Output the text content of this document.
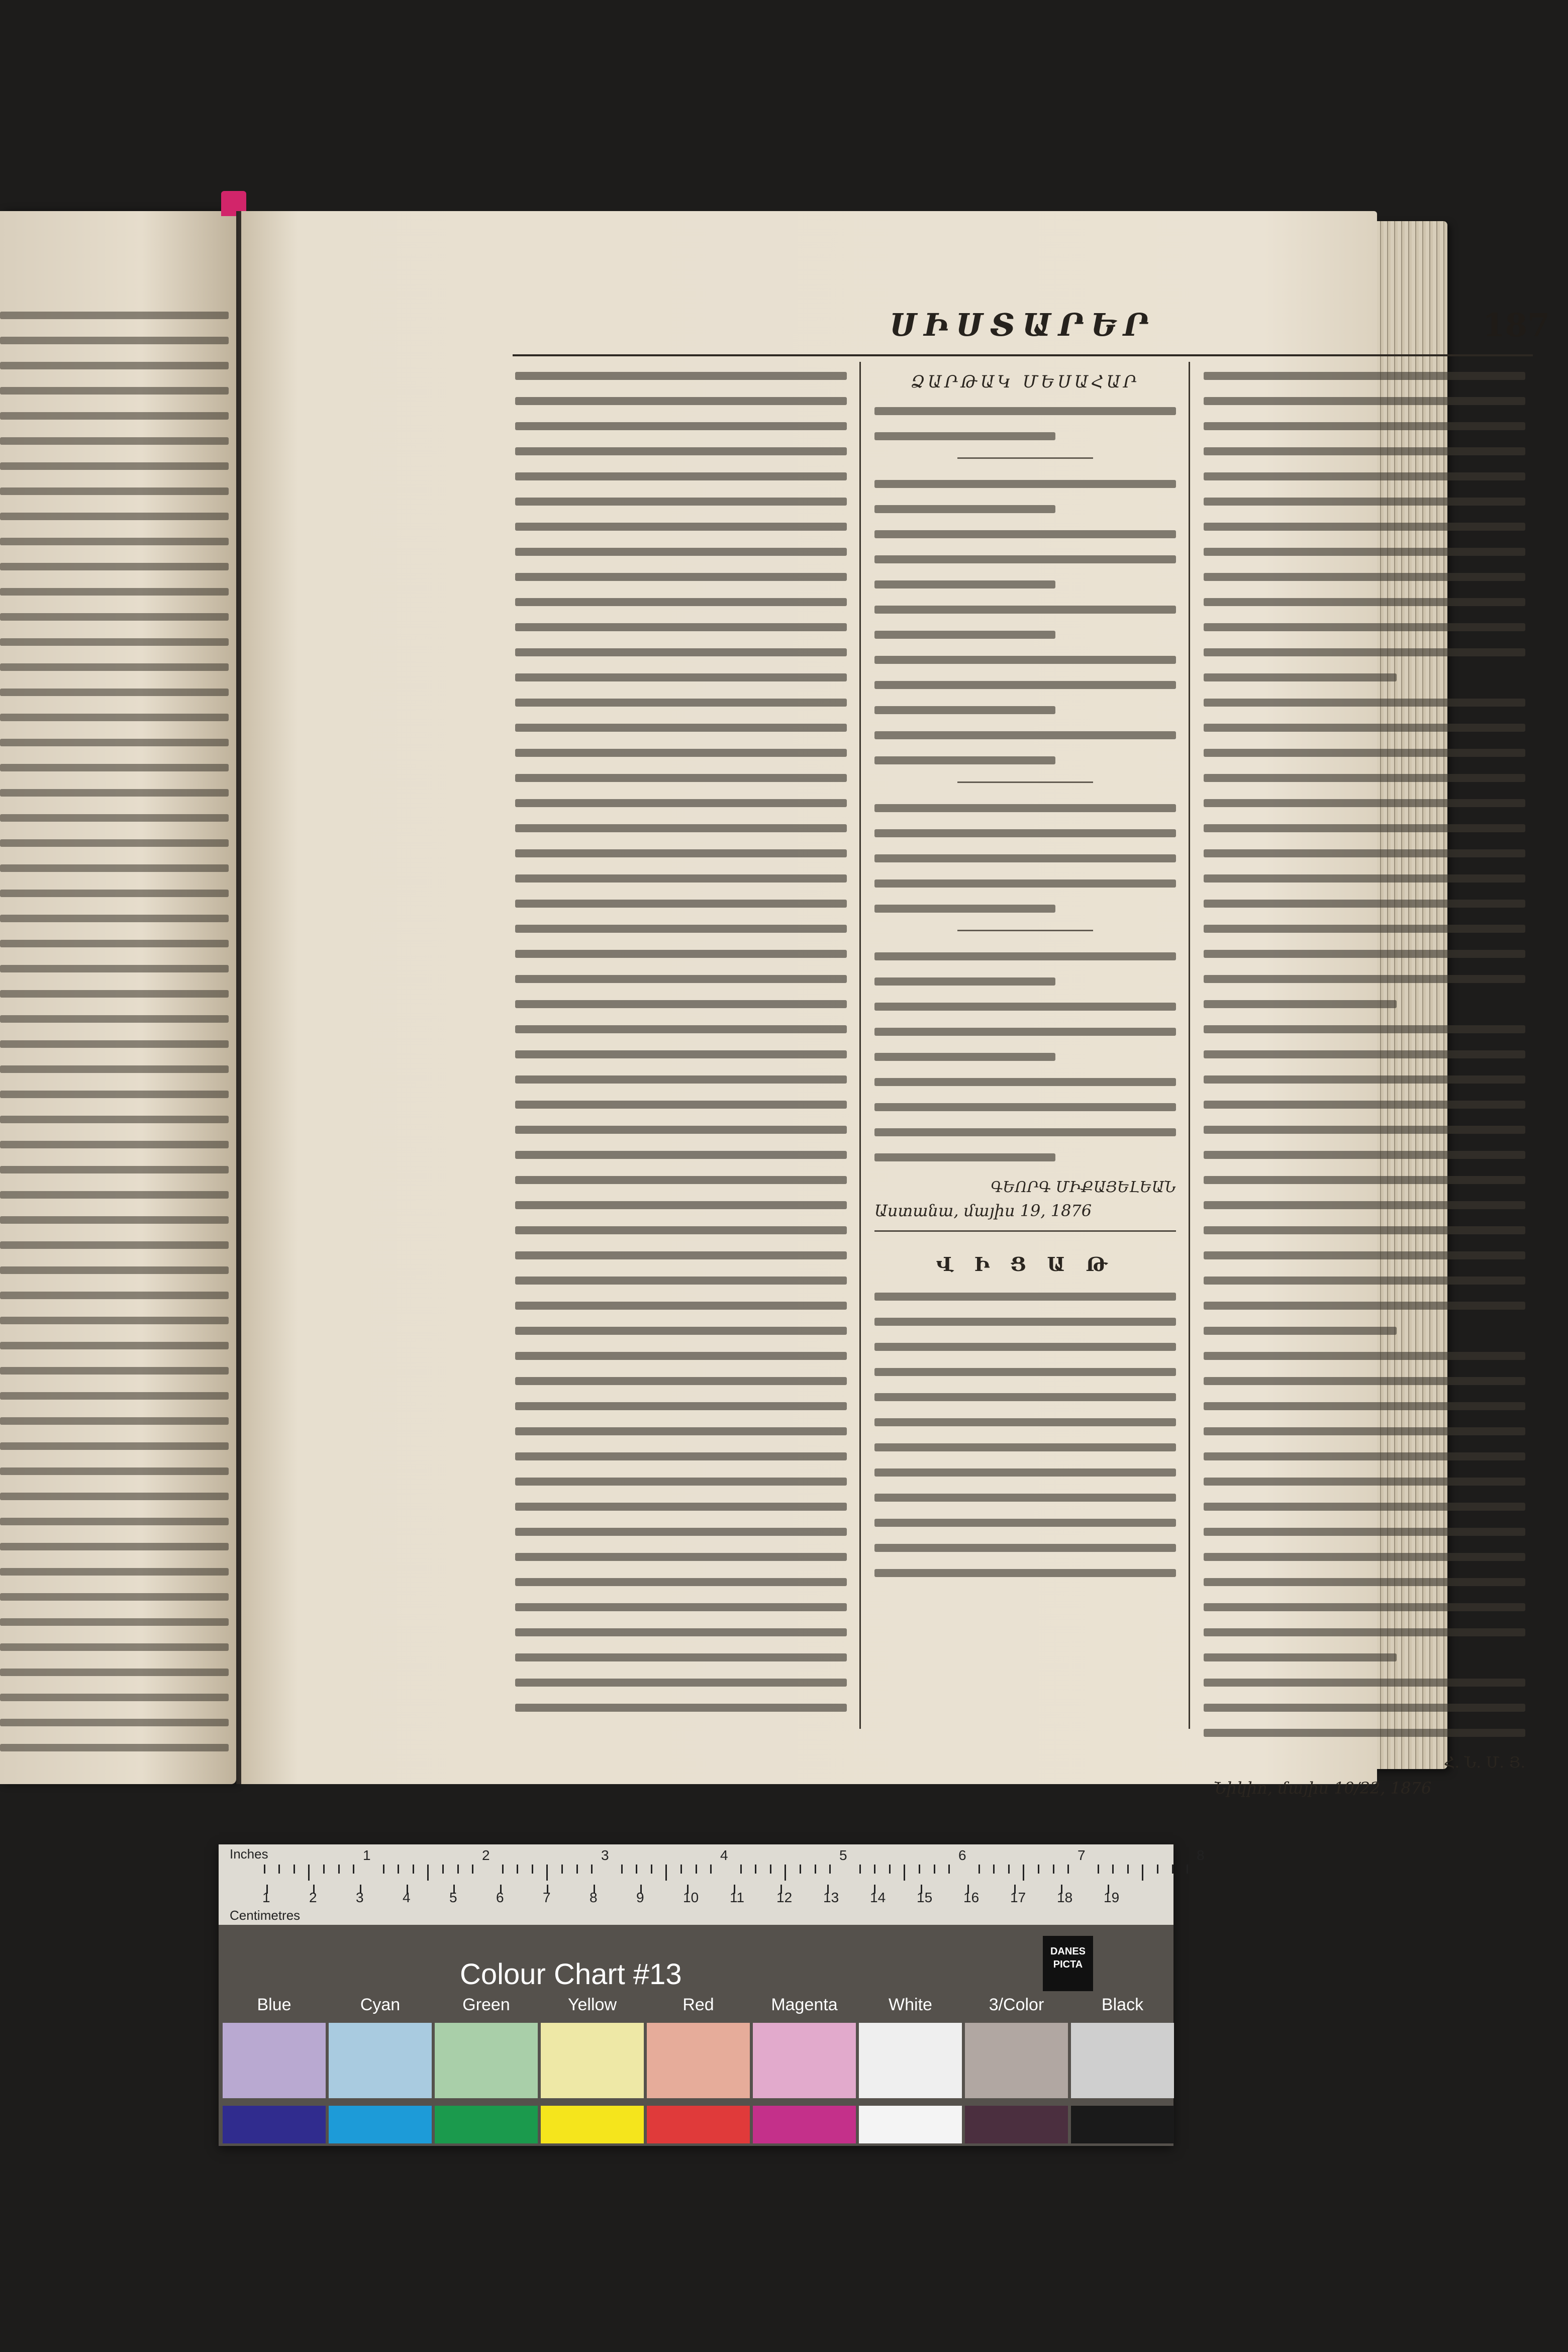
ՍԻՍՏԱՐԵՐ	187
ՁԱՐԹԱԿ ՄԵՍԱՀԱՐ
ԳԵՈՐԳ ՄԻՔԱՅԵԼԵԱՆ
Աստանա, մայիս 19, 1876
Վ Ի Ց Ա Թ
Հ. Ն. Մ. Յ.
Նիկիո, մայիս 10/22, 1876
Inches	1	2	3	4	5	6	7	8
Centimetres
1	2	3	4	5	6	7	8	9	10 11 12 13 14 15 16 17 18 19
Colour Chart #13
DANES PICTA
Blue	Cyan	Green	Yellow	Red	Magenta	White	3/Color	Black
